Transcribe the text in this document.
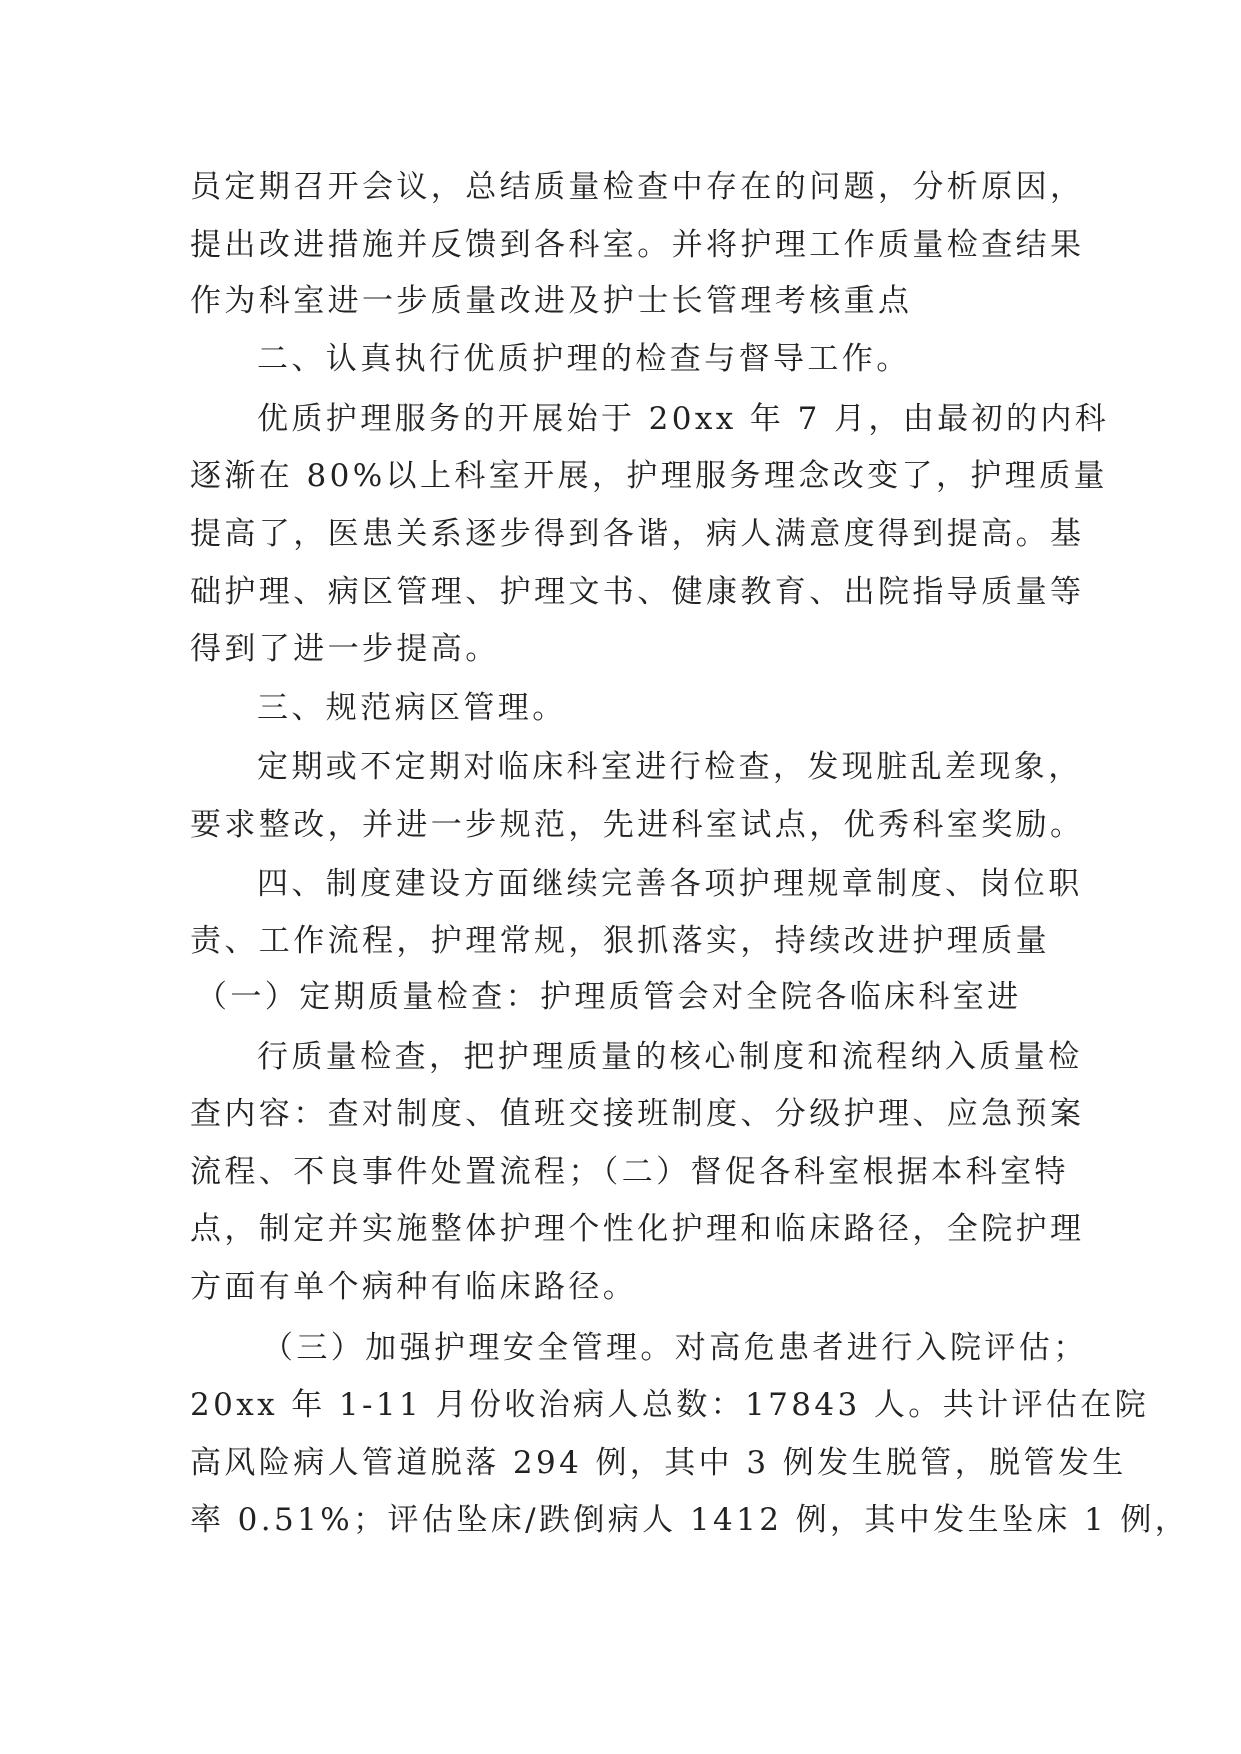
员定期召开会议，总结质量检查中存在的问题，分析原因，

提出改进措施并反馈到各科室。并将护理工作质量检查结果

作为科室进一步质量改进及护士长管理考核重点

二、认真执行优质护理的检查与督导工作。

优质护理服务的开展始于 20xx 年 7 月，由最初的内科

逐渐在 80%以上科室开展，护理服务理念改变了，护理质量

提高了，医患关系逐步得到各谐，病人满意度得到提高。基

础护理、病区管理、护理文书、健康教育、出院指导质量等

得到了进一步提高。

三、规范病区管理。

定期或不定期对临床科室进行检查，发现脏乱差现象，

要求整改，并进一步规范，先进科室试点，优秀科室奖励。

四、制度建设方面继续完善各项护理规章制度、岗位职

责、工作流程，护理常规，狠抓落实，持续改进护理质量

（一）定期质量检查：护理质管会对全院各临床科室进

行质量检查，把护理质量的核心制度和流程纳入质量检

查内容：查对制度、值班交接班制度、分级护理、应急预案

流程、不良事件处置流程；（二）督促各科室根据本科室特

点，制定并实施整体护理个性化护理和临床路径，全院护理

方面有单个病种有临床路径。

（三）加强护理安全管理。对高危患者进行入院评估；

20xx 年 1-11 月份收治病人总数：17843 人。共计评估在院

高风险病人管道脱落 294 例，其中 3 例发生脱管，脱管发生

率 0.51%；评估坠床/跌倒病人 1412 例，其中发生坠床 1 例，
